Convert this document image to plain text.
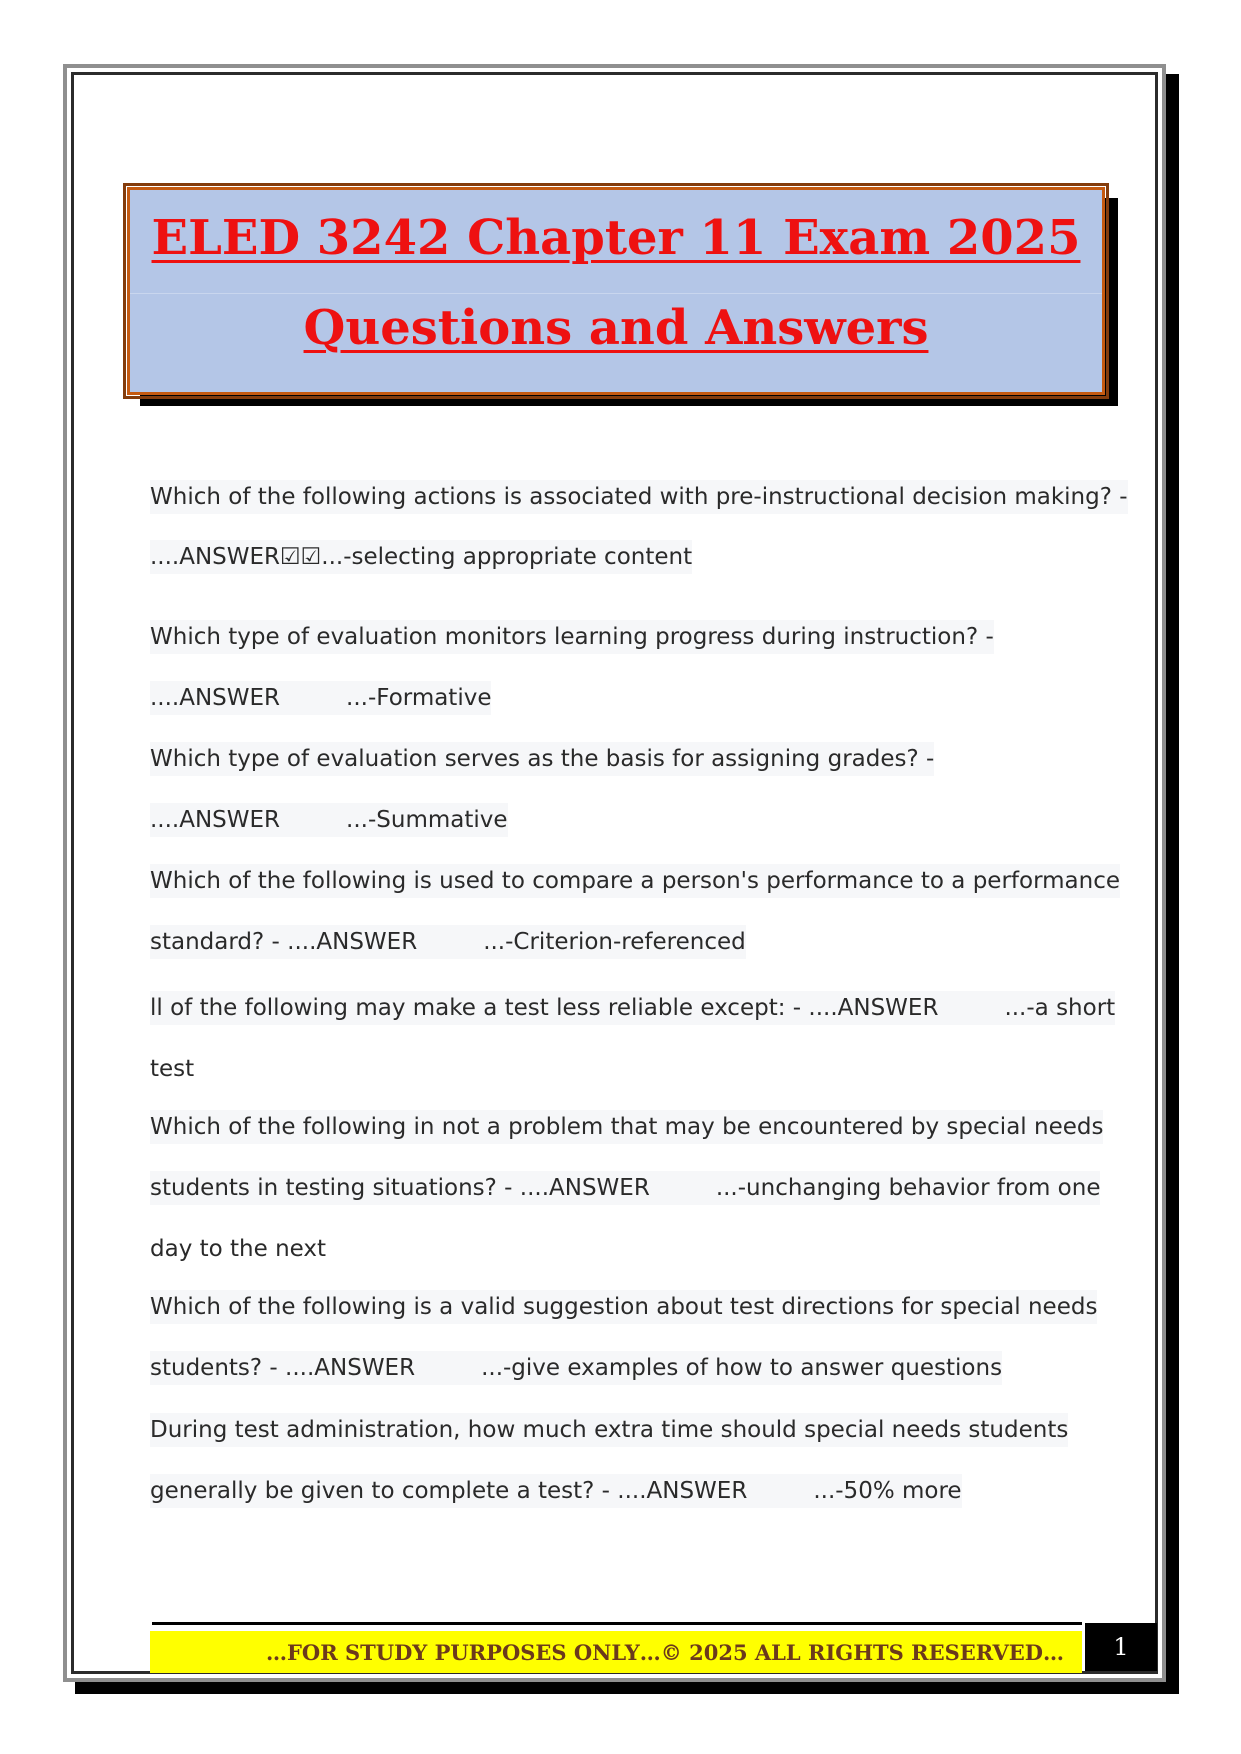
ELED 3242 Chapter 11 Exam 2025
Questions and Answers
Which of the following actions is associated with pre-instructional decision making? -
....ANSWER☑☑...-selecting appropriate content
Which type of evaluation monitors learning progress during instruction? -
....ANSWER	...-Formative
Which type of evaluation serves as the basis for assigning grades? -
....ANSWER	...-Summative
Which of the following is used to compare a person's performance to a performance
standard? - ....ANSWER	...-Criterion-referenced
ll of the following may make a test less reliable except: - ....ANSWER	...-a short
test
Which of the following in not a problem that may be encountered by special needs
students in testing situations? - ....ANSWER	...-unchanging behavior from one
day to the next
Which of the following is a valid suggestion about test directions for special needs
students? - ....ANSWER	...-give examples of how to answer questions
During test administration, how much extra time should special needs students
generally be given to complete a test? - ....ANSWER	...-50% more
…FOR STUDY PURPOSES ONLY…© 2025 ALL RIGHTS RESERVED…	1
